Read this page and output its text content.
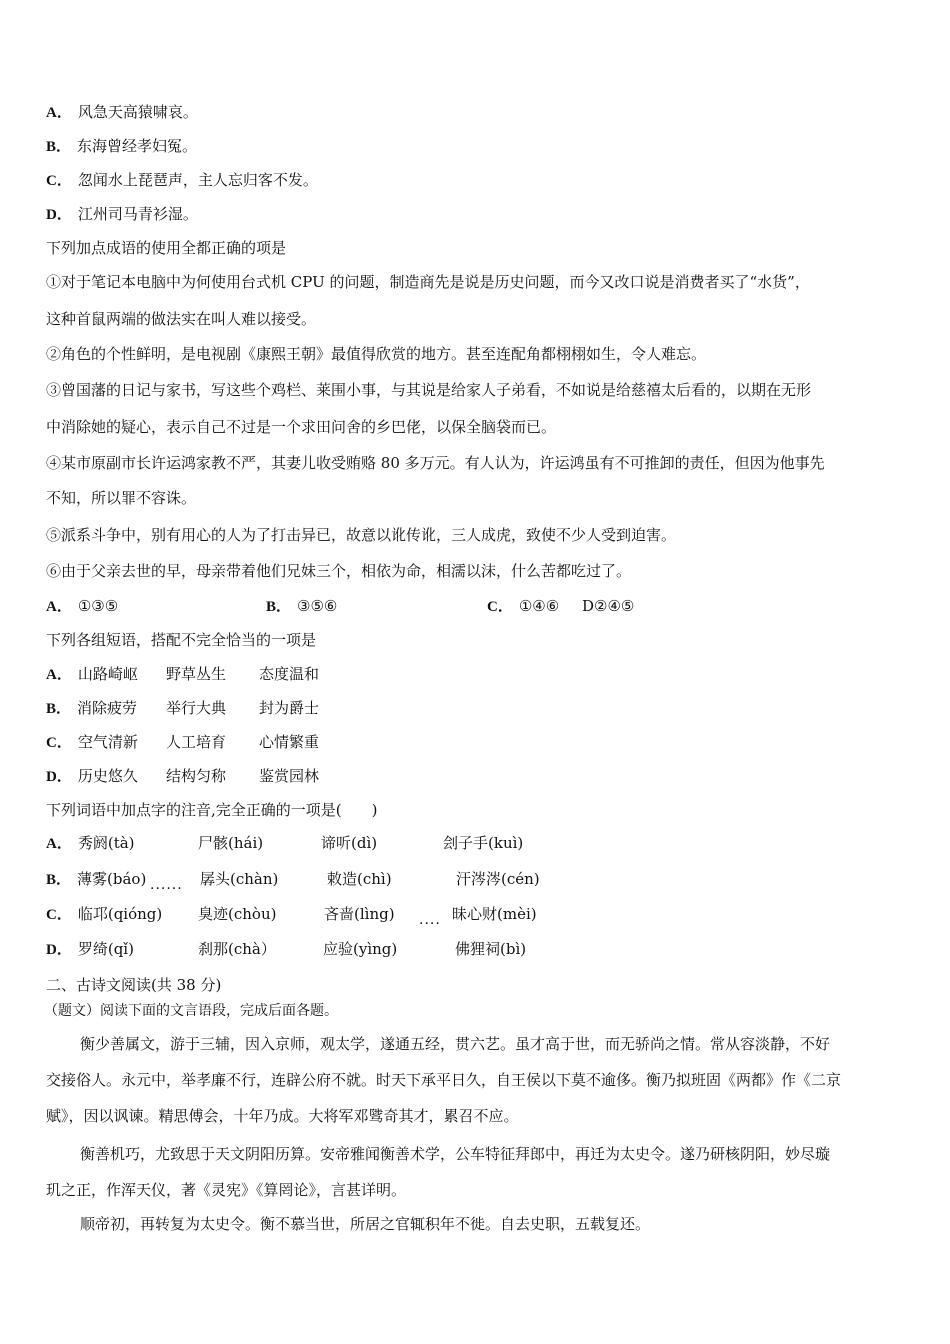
A． 风急天高猿啸哀。
B． 东海曾经孝妇冤。
C． 忽闻水上琵琶声，主人忘归客不发。
D． 江州司马青衫湿。
下列加点成语的使用全都正确的项是
①对于笔记本电脑中为何使用台式机 CPU 的问题，制造商先是说是历史问题，而今又改口说是消费者买了“水货”，
这种首鼠两端的做法实在叫人难以接受。
②角色的个性鲜明，是电视剧《康熙王朝》最值得欣赏的地方。甚至连配角都栩栩如生，令人难忘。
③曾国藩的日记与家书，写这些个鸡栏、莱围小事，与其说是给家人子弟看，不如说是给慈禧太后看的，以期在无形
中消除她的疑心，表示自己不过是一个求田问舍的乡巴佬，以保全脑袋而已。
④某市原副市长许运鸿家教不严，其妻儿收受贿赂 80 多万元。有人认为，许运鸿虽有不可推卸的责任，但因为他事先
不知，所以罪不容诛。
⑤派系斗争中，别有用心的人为了打击异已，故意以讹传讹，三人成虎，致使不少人受到迫害。
⑥由于父亲去世的早，母亲带着他们兄妹三个，相依为命，相濡以沫，什么苦都吃过了。
A． ①③⑤	B． ③⑤⑥	C． ①④⑥ D②④⑤
下列各组短语，搭配不完全恰当的一项是
A． 山路崎岖 野草丛生 态度温和
B． 消除疲劳 举行大典 封为爵士
C． 空气清新 人工培育 心情繁重
D． 历史悠久 结构匀称 鉴赏园林
下列词语中加点字的注音,完全正确的一项是(　　)
A． 秀阏(tà)	尸骸(hái)	谛听(dì)	刽子手(kuì)
B． 薄雾(báo) ...... 孱头(chàn)	敕造(chì)	汗涔涔(cén)
C． 临邛(qióng) 臭迹(chòu)	吝啬(lìng) .... 昧心财(mèi)
D． 罗绮(qǐ)	刹那(chà）	应验(yìng)	佛狸祠(bì)
二、古诗文阅读(共 38 分)
（题文）阅读下面的文言语段，完成后面各题。
衡少善属文，游于三辅，因入京师，观太学，遂通五经，贯六艺。虽才高于世，而无骄尚之情。常从容淡静，不好
交接俗人。永元中，举孝廉不行，连辟公府不就。时天下承平日久，自王侯以下莫不逾侈。衡乃拟班固《两都》作《二京
赋》，因以讽谏。精思傅会，十年乃成。大将军邓骘奇其才，累召不应。
衡善机巧，尤致思于天文阴阳历算。安帝雅闻衡善术学，公车特征拜郎中，再迁为太史令。遂乃研核阴阳，妙尽璇
玑之正，作浑天仪，著《灵宪》《算罔论》，言甚详明。
顺帝初，再转复为太史令。衡不慕当世，所居之官辄积年不徙。自去史职，五载复还。
